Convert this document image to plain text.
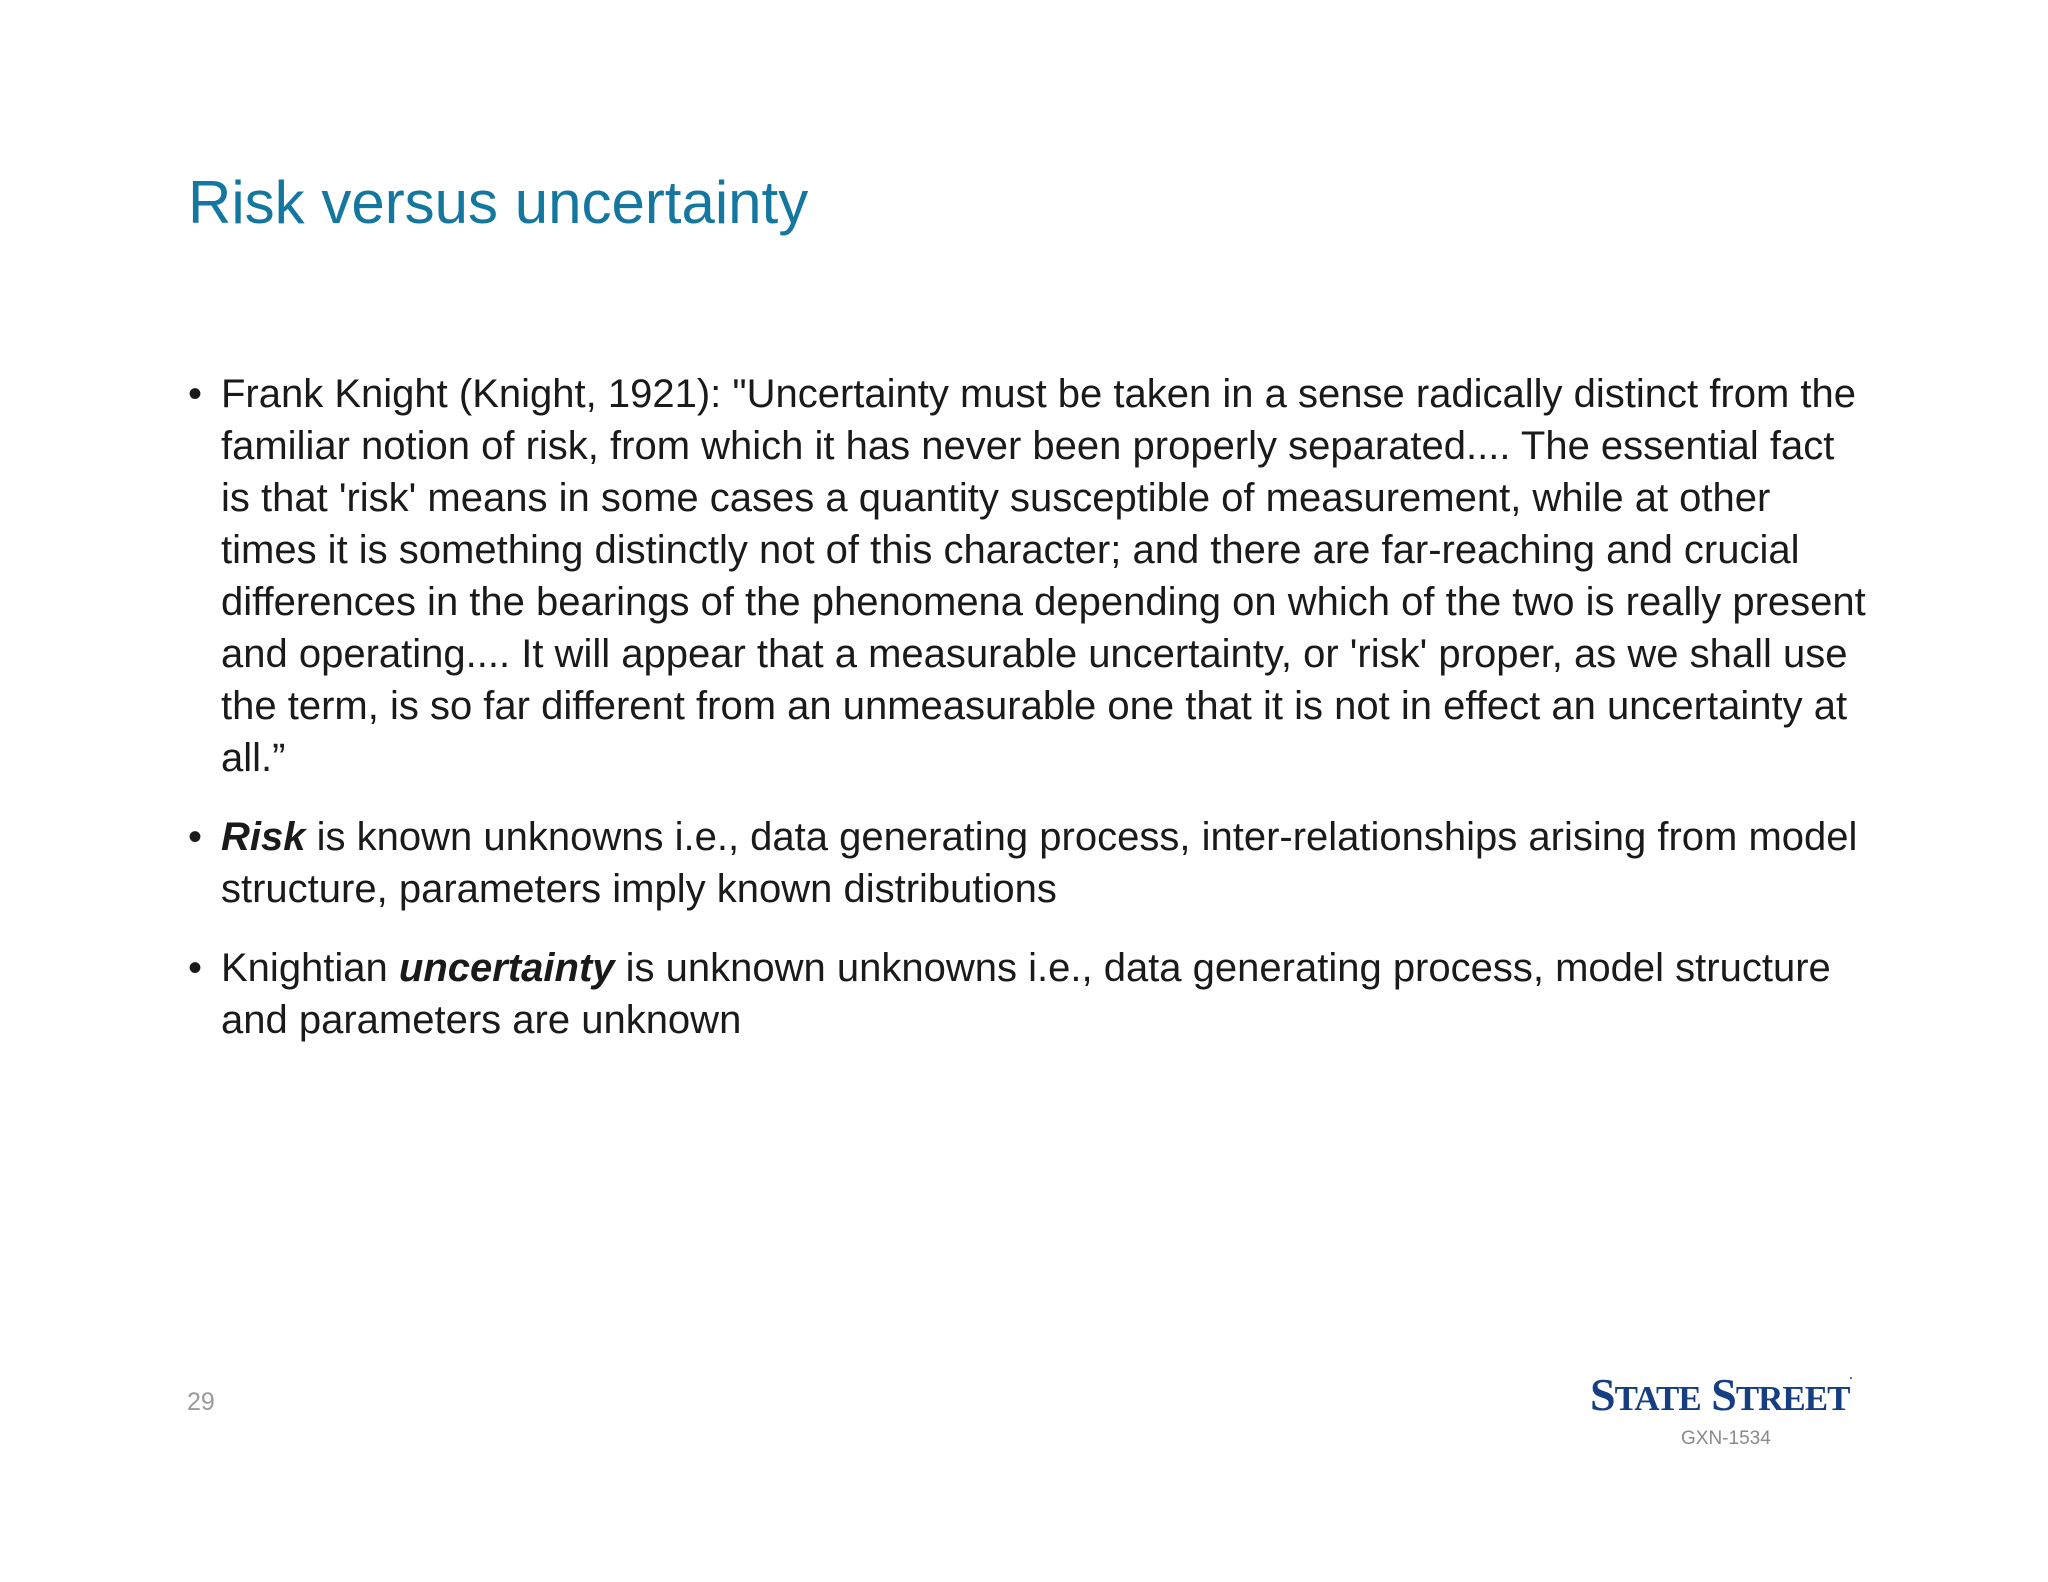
Risk versus uncertainty
• Frank Knight (Knight, 1921): "Uncertainty must be taken in a sense radically distinct from the familiar notion of risk, from which it has never been properly separated.... The essential fact is that 'risk' means in some cases a quantity susceptible of measurement, while at other times it is something distinctly not of this character; and there are far-reaching and crucial differences in the bearings of the phenomena depending on which of the two is really present and operating.... It will appear that a measurable uncertainty, or 'risk' proper, as we shall use the term, is so far different from an unmeasurable one that it is not in effect an uncertainty at all.”
• Risk is known unknowns i.e., data generating process, inter-relationships arising from model structure, parameters imply known distributions
• Knightian uncertainty is unknown unknowns i.e., data generating process, model structure and parameters are unknown
29	STATE STREET.
GXN-1534
